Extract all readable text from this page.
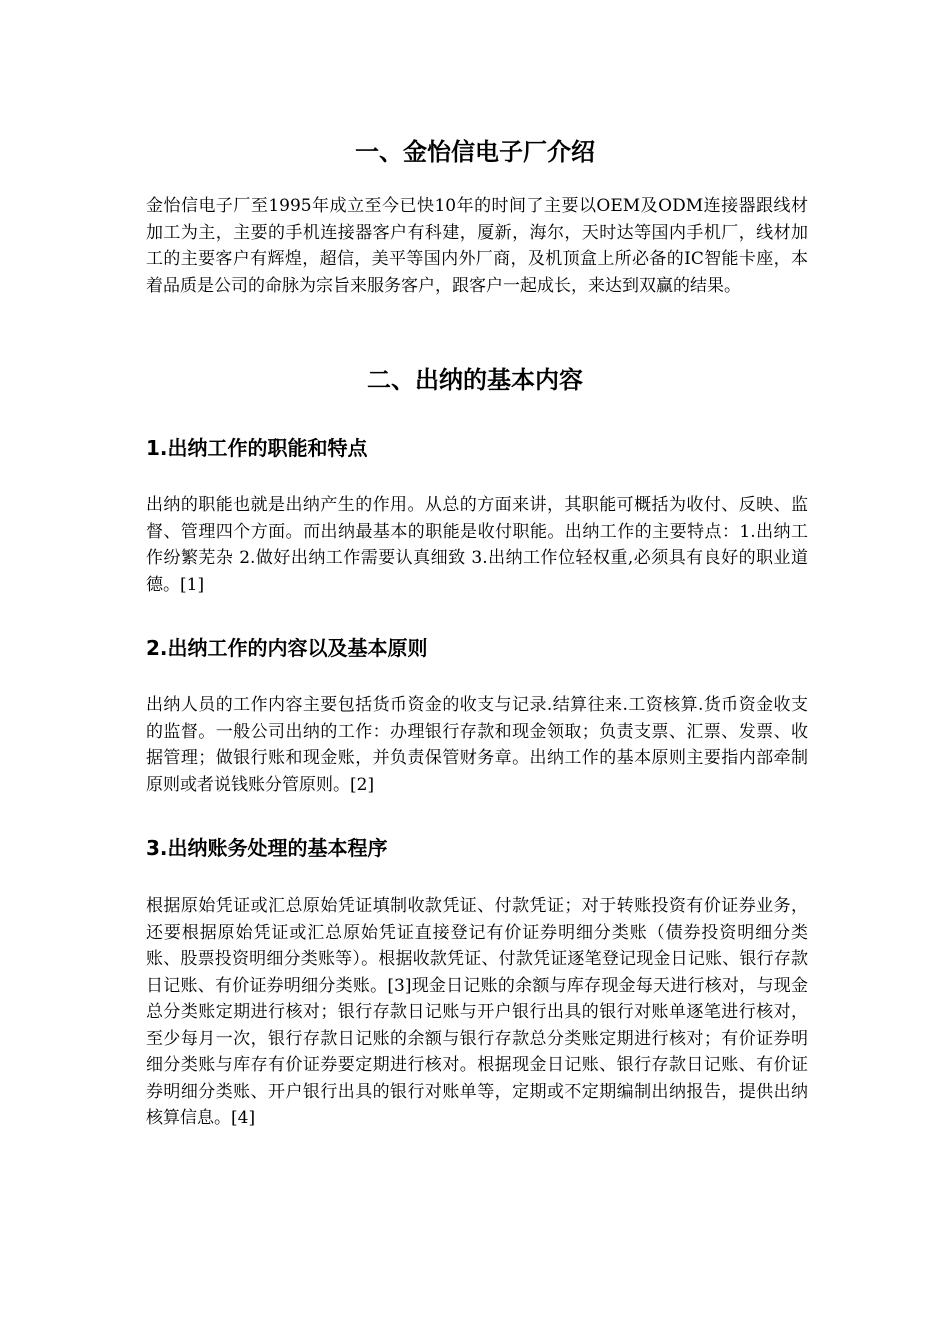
一、金怡信电子厂介绍

金怡信电子厂至1995年成立至今已快10年的时间了主要以OEM及ODM连接器跟线材加工为主，主要的手机连接器客户有科建，厦新，海尔，天时达等国内手机厂，线材加工的主要客户有辉煌，超信，美平等国内外厂商，及机顶盒上所必备的IC智能卡座，本着品质是公司的命脉为宗旨来服务客户，跟客户一起成长，来达到双赢的结果。

二、出纳的基本内容
1.出纳工作的职能和特点

出纳的职能也就是出纳产生的作用。从总的方面来讲，其职能可概括为收付、反映、监督、管理四个方面。而出纳最基本的职能是收付职能。出纳工作的主要特点：1.出纳工作纷繁芜杂 2.做好出纳工作需要认真细致 3.出纳工作位轻权重,必须具有良好的职业道德。[1]

2.出纳工作的内容以及基本原则

出纳人员的工作内容主要包括货币资金的收支与记录.结算往来.工资核算.货币资金收支的监督。一般公司出纳的工作：办理银行存款和现金领取；负责支票、汇票、发票、收据管理；做银行账和现金账，并负责保管财务章。出纳工作的基本原则主要指内部牵制原则或者说钱账分管原则。[2]

3.出纳账务处理的基本程序

根据原始凭证或汇总原始凭证填制收款凭证、付款凭证；对于转账投资有价证券业务，还要根据原始凭证或汇总原始凭证直接登记有价证券明细分类账（债券投资明细分类账、股票投资明细分类账等）。根据收款凭证、付款凭证逐笔登记现金日记账、银行存款日记账、有价证券明细分类账。[3]现金日记账的余额与库存现金每天进行核对，与现金总分类账定期进行核对；银行存款日记账与开户银行出具的银行对账单逐笔进行核对，至少每月一次，银行存款日记账的余额与银行存款总分类账定期进行核对；有价证券明细分类账与库存有价证券要定期进行核对。根据现金日记账、银行存款日记账、有价证券明细分类账、开户银行出具的银行对账单等，定期或不定期编制出纳报告，提供出纳核算信息。[4]
